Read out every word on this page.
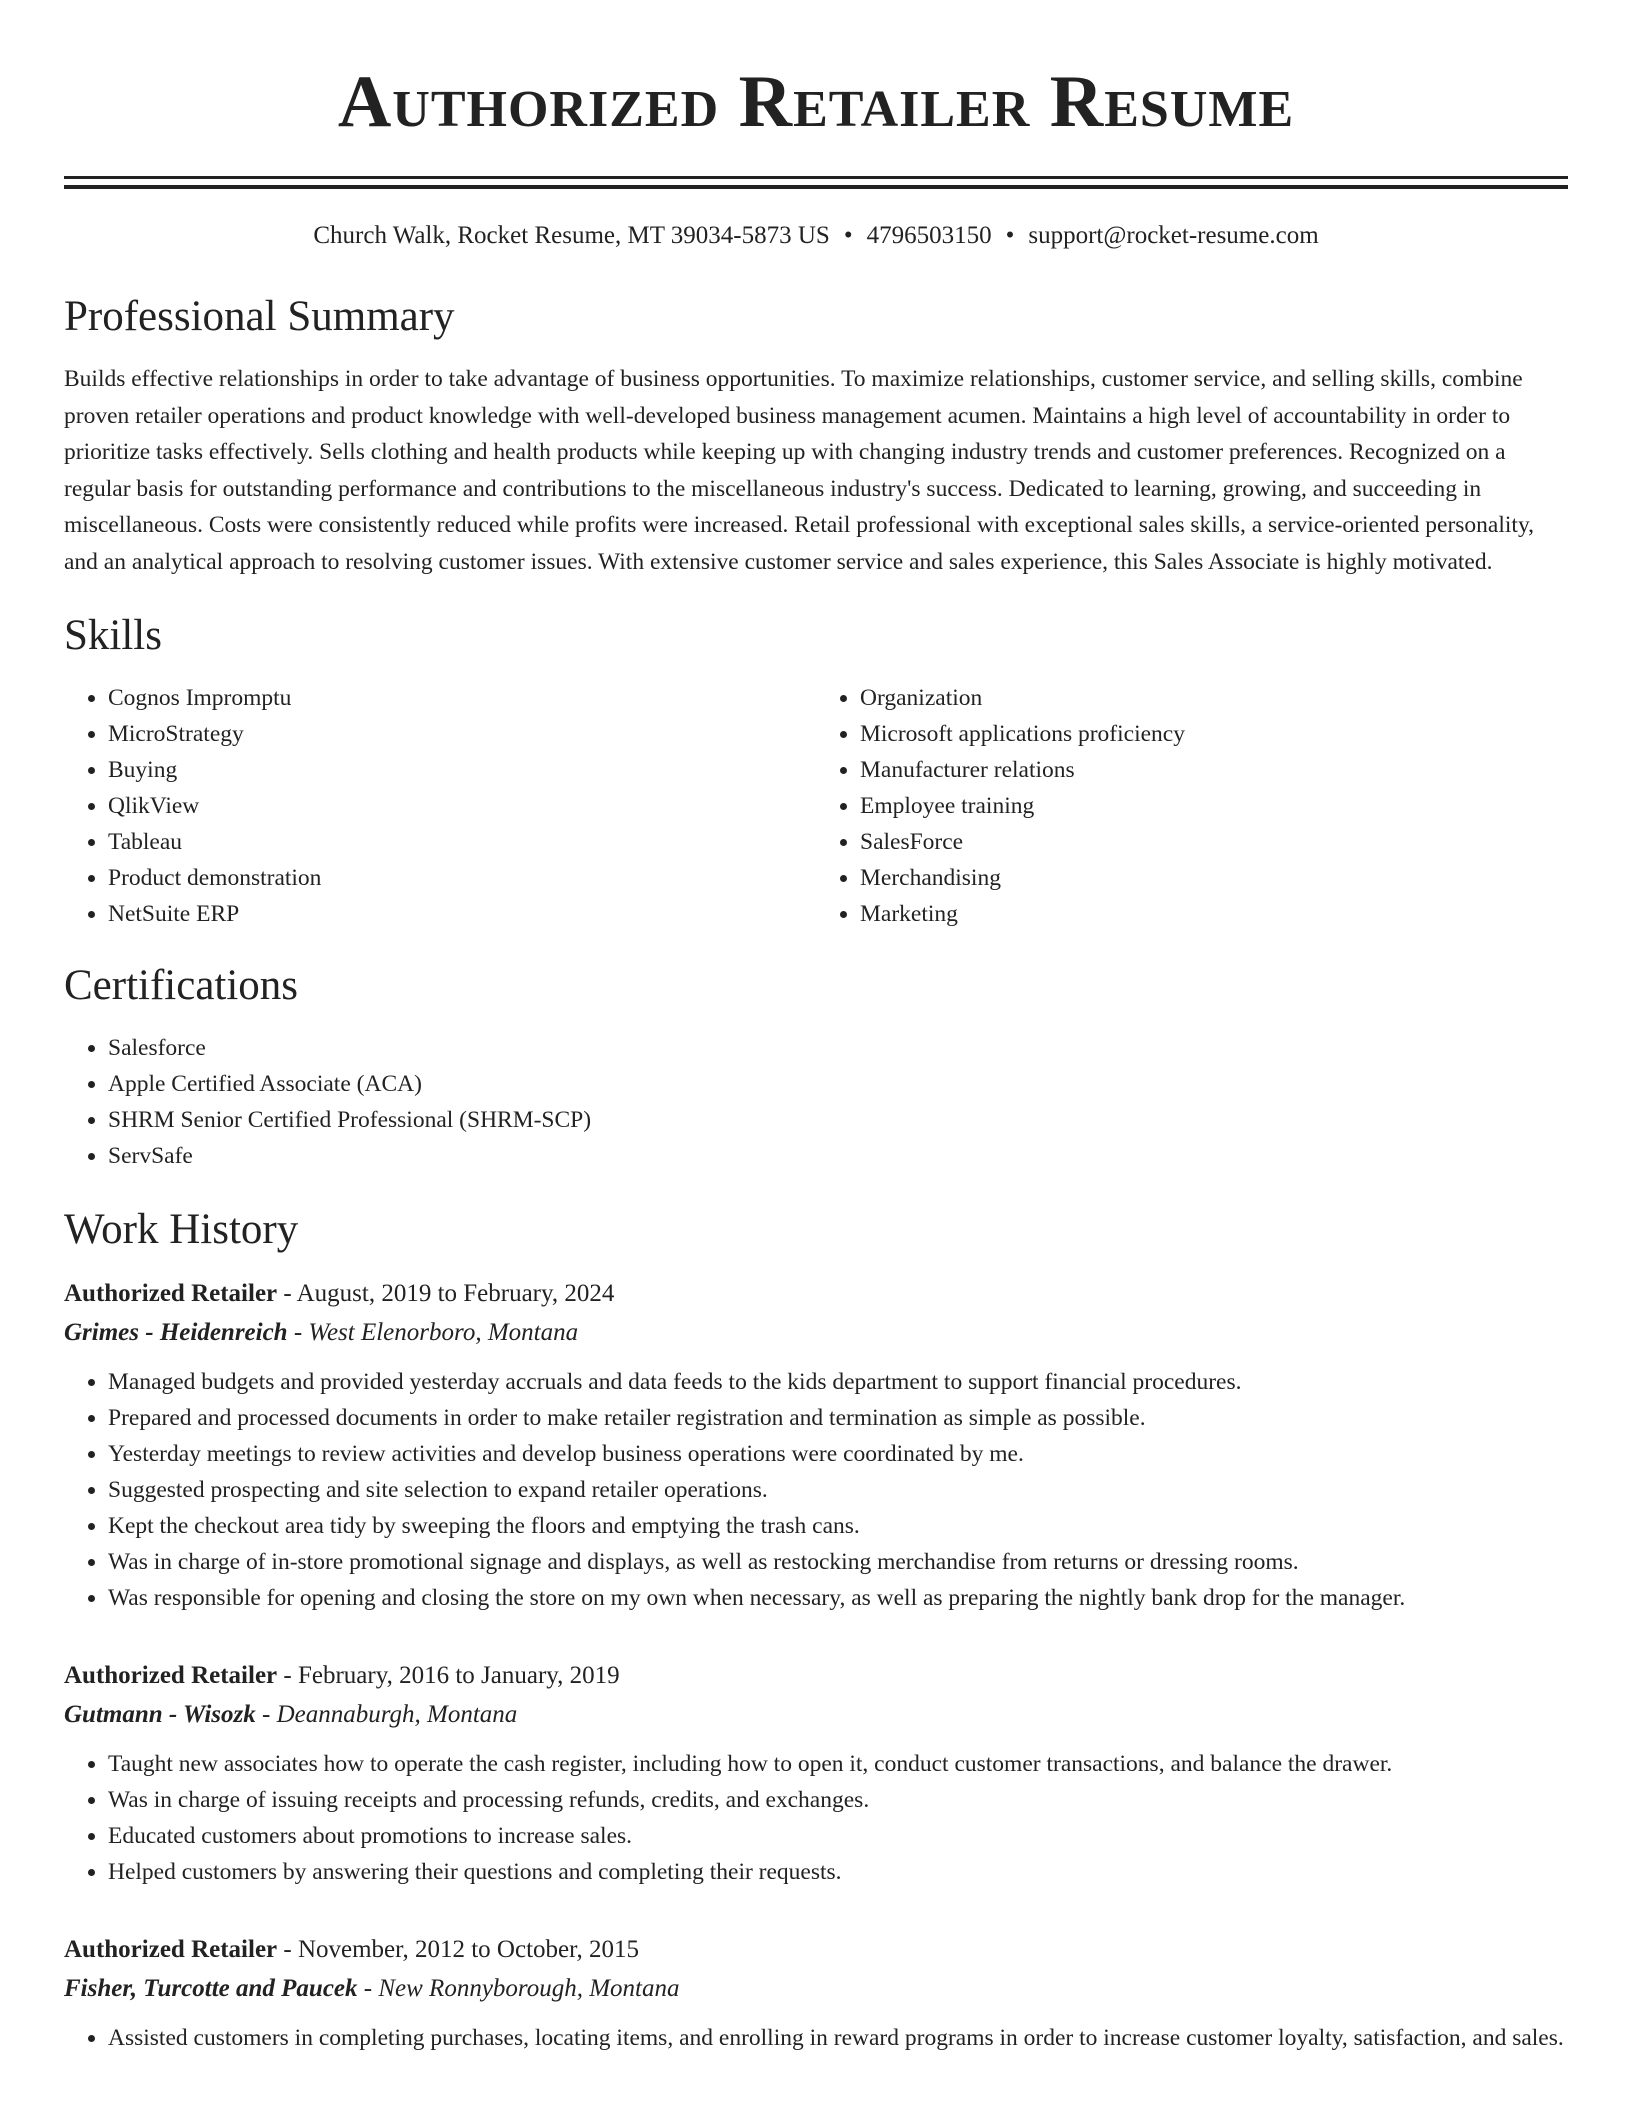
Authorized Retailer Resume
Church Walk, Rocket Resume, MT 39034-5873 US • 4796503150 • support@rocket-resume.com
Professional Summary

Builds effective relationships in order to take advantage of business opportunities. To maximize relationships, customer service, and selling skills, combine proven retailer operations and product knowledge with well-developed business management acumen. Maintains a high level of accountability in order to prioritize tasks effectively. Sells clothing and health products while keeping up with changing industry trends and customer preferences. Recognized on a regular basis for outstanding performance and contributions to the miscellaneous industry's success. Dedicated to learning, growing, and succeeding in miscellaneous. Costs were consistently reduced while profits were increased. Retail professional with exceptional sales skills, a service-oriented personality, and an analytical approach to resolving customer issues. With extensive customer service and sales experience, this Sales Associate is highly motivated.

Skills
• Cognos Impromptu
• MicroStrategy
• Buying
• QlikView
• Tableau
• Product demonstration
• NetSuite ERP
• Organization
• Microsoft applications proficiency
• Manufacturer relations
• Employee training
• SalesForce
• Merchandising
• Marketing
Certifications
• Salesforce
• Apple Certified Associate (ACA)
• SHRM Senior Certified Professional (SHRM-SCP)
• ServSafe
Work History
Authorized Retailer - August, 2019 to February, 2024
Grimes - Heidenreich - West Elenorboro, Montana
• Managed budgets and provided yesterday accruals and data feeds to the kids department to support financial procedures.
• Prepared and processed documents in order to make retailer registration and termination as simple as possible.
• Yesterday meetings to review activities and develop business operations were coordinated by me.
• Suggested prospecting and site selection to expand retailer operations.
• Kept the checkout area tidy by sweeping the floors and emptying the trash cans.
• Was in charge of in-store promotional signage and displays, as well as restocking merchandise from returns or dressing rooms.
• Was responsible for opening and closing the store on my own when necessary, as well as preparing the nightly bank drop for the manager.
Authorized Retailer - February, 2016 to January, 2019
Gutmann - Wisozk - Deannaburgh, Montana
• Taught new associates how to operate the cash register, including how to open it, conduct customer transactions, and balance the drawer.
• Was in charge of issuing receipts and processing refunds, credits, and exchanges.
• Educated customers about promotions to increase sales.
• Helped customers by answering their questions and completing their requests.
Authorized Retailer - November, 2012 to October, 2015
Fisher, Turcotte and Paucek - New Ronnyborough, Montana
• Assisted customers in completing purchases, locating items, and enrolling in reward programs in order to increase customer loyalty, satisfaction, and sales.
